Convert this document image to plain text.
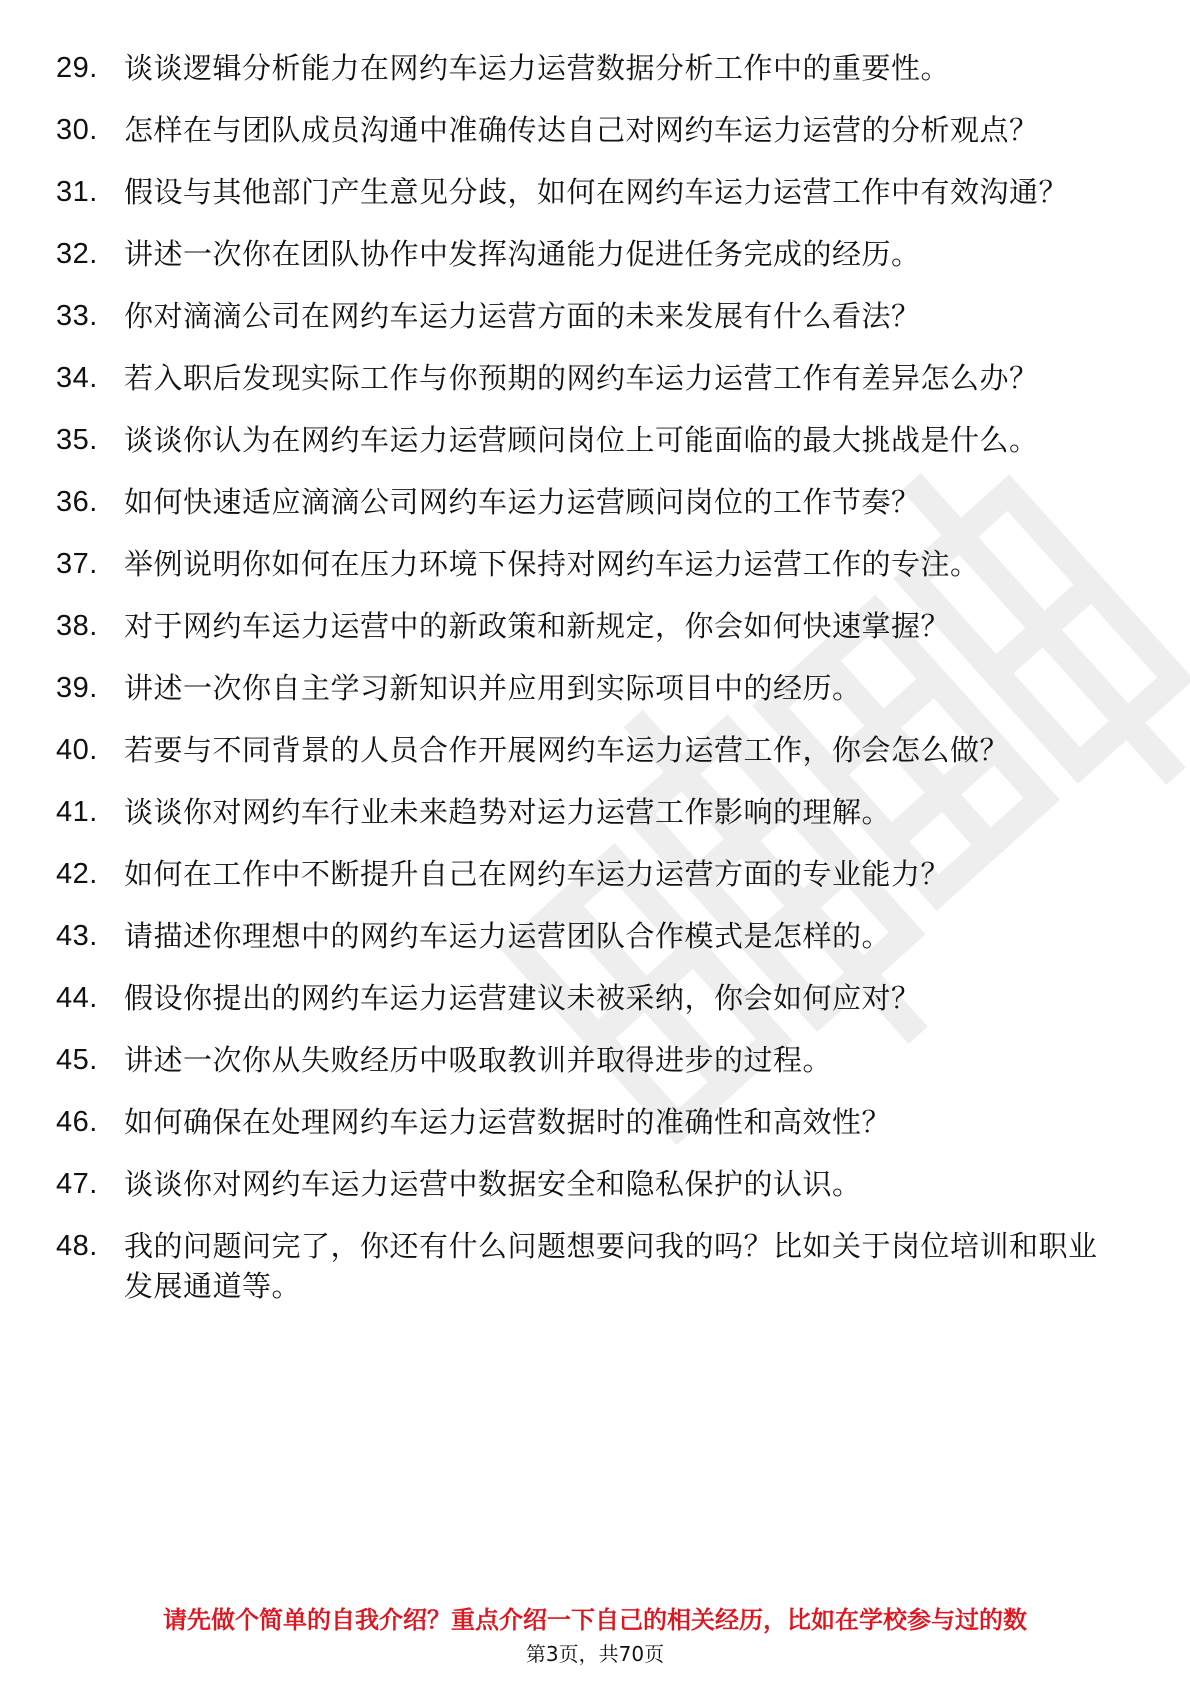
29. 谈谈逻辑分析能力在网约车运力运营数据分析工作中的重要性。
30. 怎样在与团队成员沟通中准确传达自己对网约车运力运营的分析观点？
31. 假设与其他部门产生意见分歧，如何在网约车运力运营工作中有效沟通？
32. 讲述一次你在团队协作中发挥沟通能力促进任务完成的经历。
33. 你对滴滴公司在网约车运力运营方面的未来发展有什么看法？
34. 若入职后发现实际工作与你预期的网约车运力运营工作有差异怎么办？
35. 谈谈你认为在网约车运力运营顾问岗位上可能面临的最大挑战是什么。
36. 如何快速适应滴滴公司网约车运力运营顾问岗位的工作节奏？
37. 举例说明你如何在压力环境下保持对网约车运力运营工作的专注。
38. 对于网约车运力运营中的新政策和新规定，你会如何快速掌握？
39. 讲述一次你自主学习新知识并应用到实际项目中的经历。
40. 若要与不同背景的人员合作开展网约车运力运营工作，你会怎么做？
41. 谈谈你对网约车行业未来趋势对运力运营工作影响的理解。
42. 如何在工作中不断提升自己在网约车运力运营方面的专业能力？
43. 请描述你理想中的网约车运力运营团队合作模式是怎样的。
44. 假设你提出的网约车运力运营建议未被采纳，你会如何应对？
45. 讲述一次你从失败经历中吸取教训并取得进步的过程。
46. 如何确保在处理网约车运力运营数据时的准确性和高效性？
47. 谈谈你对网约车运力运营中数据安全和隐私保护的认识。
48. 我的问题问完了，你还有什么问题想要问我的吗？比如关于岗位培训和职业发展通道等。
请先做个简单的自我介绍？重点介绍一下自己的相关经历，比如在学校参与过的数
第3页，共70页
